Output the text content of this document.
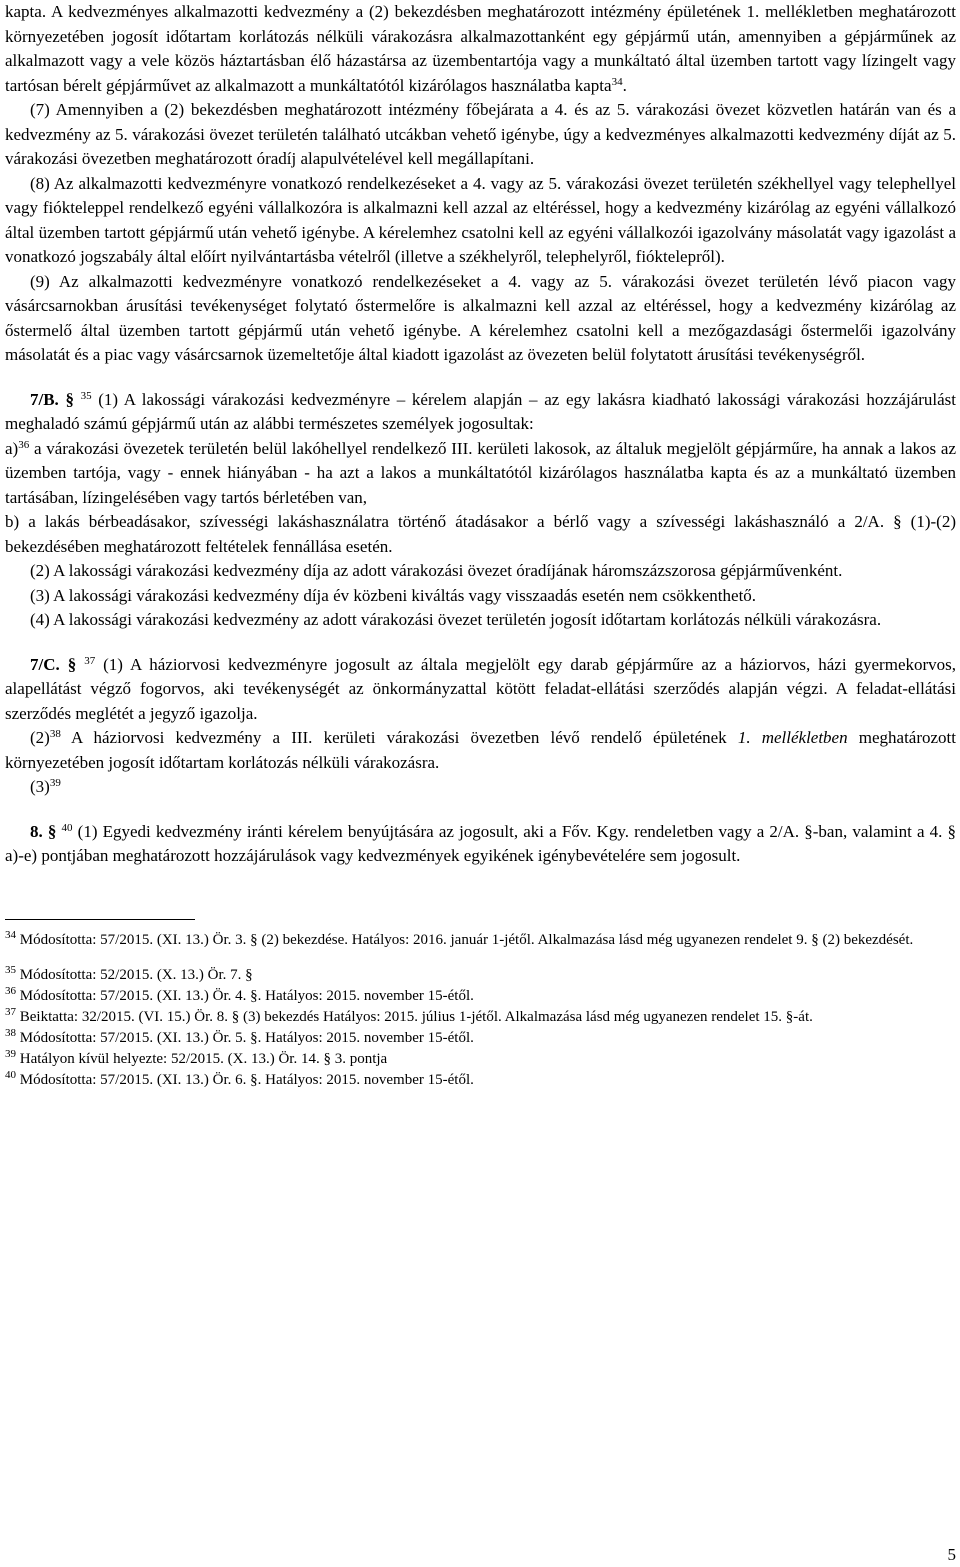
kapta. A kedvezményes alkalmazotti kedvezmény a (2) bekezdésben meghatározott intézmény épületének 1. mellékletben meghatározott környezetében jogosít időtartam korlátozás nélküli várakozásra alkalmazottanként egy gépjármű után, amennyiben a gépjárműnek az alkalmazott vagy a vele közös háztartásban élő házastársa az üzembentartója vagy a munkáltató által üzemben tartott vagy lízingelt vagy tartósan bérelt gépjárművet az alkalmazott a munkáltatótól kizárólagos használatba kapta$^{34}$.

(7) Amennyiben a (2) bekezdésben meghatározott intézmény főbejárata a 4. és az 5. várakozási övezet közvetlen határán van és a kedvezmény az 5. várakozási övezet területén található utcákban vehető igénybe, úgy a kedvezményes alkalmazotti kedvezmény díját az 5. várakozási övezetben meghatározott óradíj alapulvételével kell megállapítani.

(8) Az alkalmazotti kedvezményre vonatkozó rendelkezéseket a 4. vagy az 5. várakozási övezet területén székhellyel vagy telephellyel vagy fiókteleppel rendelkező egyéni vállalkozóra is alkalmazni kell azzal az eltéréssel, hogy a kedvezmény kizárólag az egyéni vállalkozó által üzemben tartott gépjármű után vehető igénybe. A kérelemhez csatolni kell az egyéni vállalkozói igazolvány másolatát vagy igazolást a vonatkozó jogszabály által előírt nyilvántartásba vételről (illetve a székhelyről, telephelyről, fióktelepről).

(9) Az alkalmazotti kedvezményre vonatkozó rendelkezéseket a 4. vagy az 5. várakozási övezet területén lévő piacon vagy vásárcsarnokban árusítási tevékenységet folytató őstermelőre is alkalmazni kell azzal az eltéréssel, hogy a kedvezmény kizárólag az őstermelő által üzemben tartott gépjármű után vehető igénybe. A kérelemhez csatolni kell a mezőgazdasági őstermelői igazolvány másolatát és a piac vagy vásárcsarnok üzemeltetője által kiadott igazolást az övezeten belül folytatott árusítási tevékenységről.

7/B. § $^{35}$ (1) A lakossági várakozási kedvezményre – kérelem alapján – az egy lakásra kiadható lakossági várakozási hozzájárulást meghaladó számú gépjármű után az alábbi természetes személyek jogosultak:

a)$^{36}$ a várakozási övezetek területén belül lakóhellyel rendelkező III. kerületi lakosok, az általuk megjelölt gépjárműre, ha annak a lakos az üzemben tartója, vagy - ennek hiányában - ha azt a lakos a munkáltatótól kizárólagos használatba kapta és az a munkáltató üzemben tartásában, lízingelésében vagy tartós bérletében van,

b) a lakás bérbeadásakor, szívességi lakáshasználatra történő átadásakor a bérlő vagy a szívességi lakáshasználó a 2/A. § (1)-(2) bekezdésében meghatározott feltételek fennállása esetén.

(2) A lakossági várakozási kedvezmény díja az adott várakozási övezet óradíjának háromszázszorosa gépjárművenként.

(3) A lakossági várakozási kedvezmény díja év közbeni kiváltás vagy visszaadás esetén nem csökkenthető.

(4) A lakossági várakozási kedvezmény az adott várakozási övezet területén jogosít időtartam korlátozás nélküli várakozásra.

7/C. § $^{37}$ (1) A háziorvosi kedvezményre jogosult az általa megjelölt egy darab gépjárműre az a háziorvos, házi gyermekorvos, alapellátást végző fogorvos, aki tevékenységét az önkormányzattal kötött feladat-ellátási szerződés alapján végzi. A feladat-ellátási szerződés meglétét a jegyző igazolja.

$(2)^{38}$ A háziorvosi kedvezmény a III. kerületi várakozási övezetben lévő rendelő épületének 1. mellékletben meghatározott környezetében jogosít időtartam korlátozás nélküli várakozásra.

$(3)^{39}$

8. § $^{40}$ (1) Egyedi kedvezmény iránti kérelem benyújtására az jogosult, aki a Főv. Kgy. rendeletben vagy a 2/A. §-ban, valamint a 4. § a)-e) pontjában meghatározott hozzájárulások vagy kedvezmények egyikének igénybevételére sem jogosult.

$^{34}$ Módosította: 57/2015. (XI. 13.) Ör. 3. § (2) bekezdése. Hatályos: 2016. január 1-jétől. Alkalmazása lásd még ugyanezen rendelet 9. § (2) bekezdését.

$^{35}$ Módosította: 52/2015. (X. 13.) Ör. 7. §

$^{36}$ Módosította: 57/2015. (XI. 13.) Ör. 4. §. Hatályos: 2015. november 15-étől.

$^{37}$ Beiktatta: 32/2015. (VI. 15.) Ör. 8. § (3) bekezdés Hatályos: 2015. július 1-jétől. Alkalmazása lásd még ugyanezen rendelet 15. §-át.

$^{38}$ Módosította: 57/2015. (XI. 13.) Ör. 5. §. Hatályos: 2015. november 15-étől.

$^{39}$ Hatályon kívül helyezte: 52/2015. (X. 13.) Ör. 14. § 3. pontja

$^{40}$ Módosította: 57/2015. (XI. 13.) Ör. 6. §. Hatályos: 2015. november 15-étől.

5
